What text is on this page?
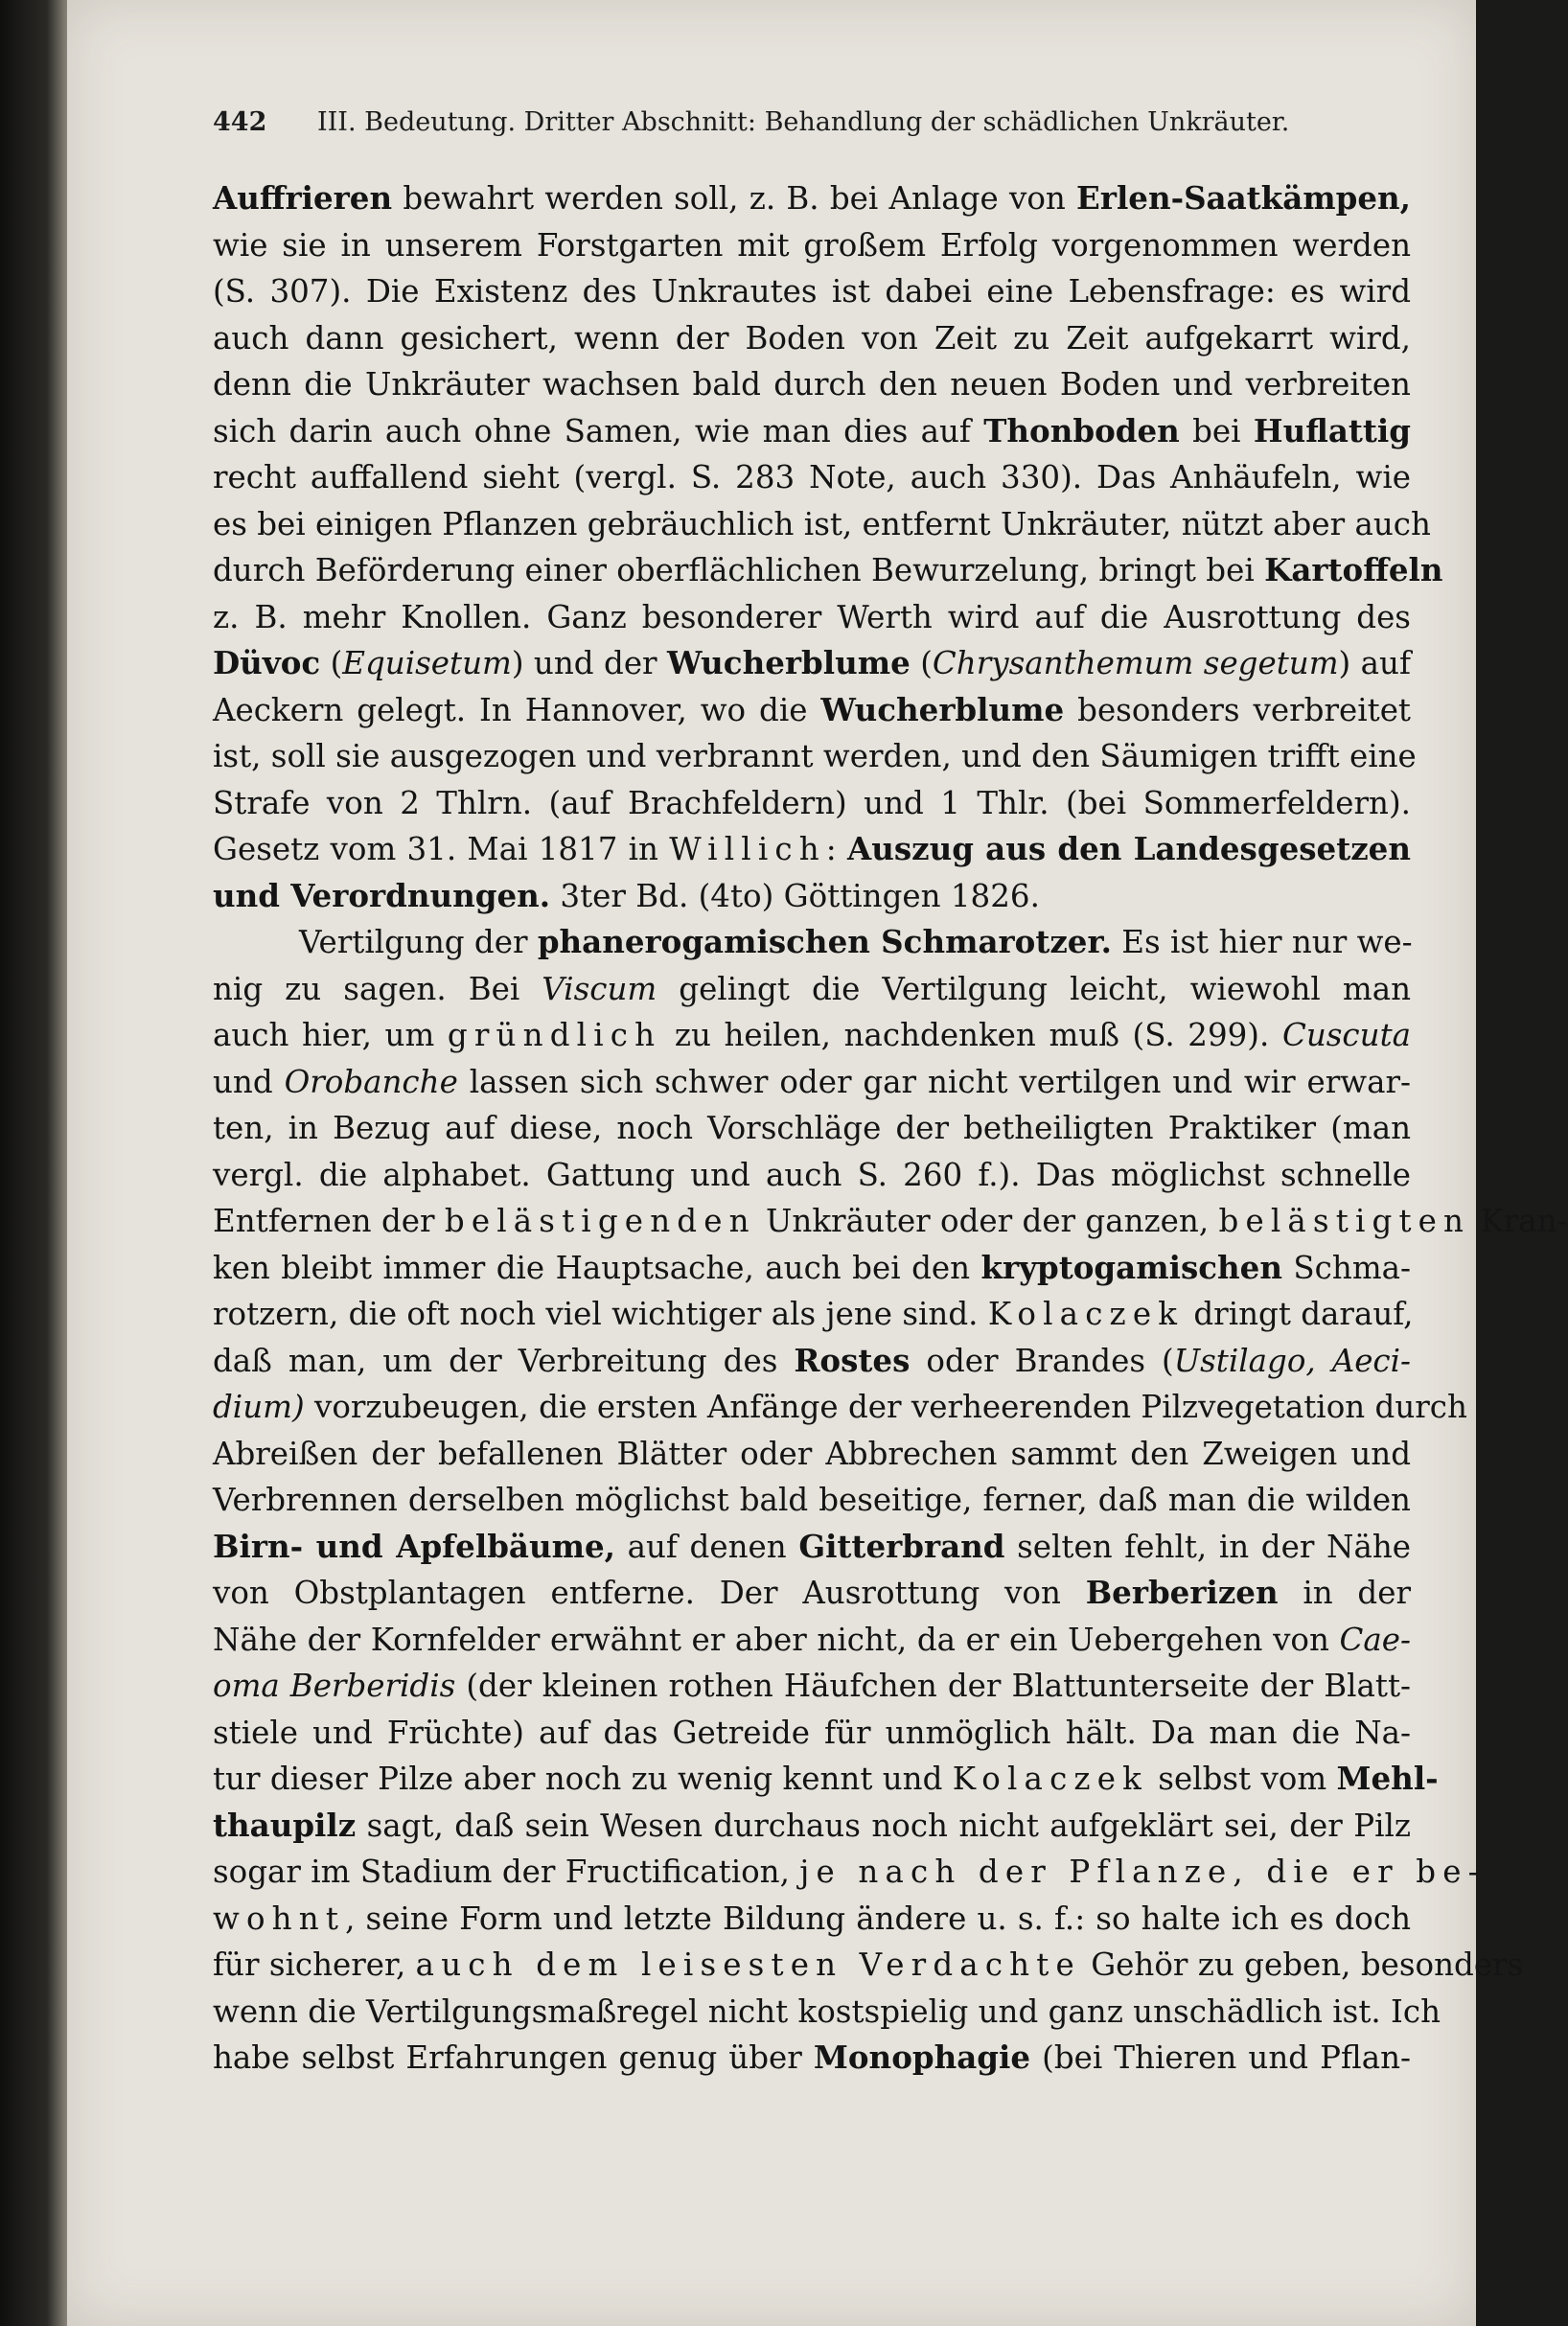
442 III. Bedeutung. Dritter Abschnitt: Behandlung der schädlichen Unkräuter.
Auffrieren bewahrt werden soll, z. B. bei Anlage von Erlen-Saatkämpen,
wie sie in unserem Forstgarten mit großem Erfolg vorgenommen werden
(S. 307). Die Existenz des Unkrautes ist dabei eine Lebensfrage: es wird
auch dann gesichert, wenn der Boden von Zeit zu Zeit aufgekarrt wird,
denn die Unkräuter wachsen bald durch den neuen Boden und verbreiten
sich darin auch ohne Samen, wie man dies auf Thonboden bei Huflattig
recht auffallend sieht (vergl. S. 283 Note, auch 330). Das Anhäufeln, wie
es bei einigen Pflanzen gebräuchlich ist, entfernt Unkräuter, nützt aber auch
durch Beförderung einer oberflächlichen Bewurzelung, bringt bei Kartoffeln
z. B. mehr Knollen. Ganz besonderer Werth wird auf die Ausrottung des
Düvoc (Equisetum) und der Wucherblume (Chrysanthemum segetum) auf
Aeckern gelegt. In Hannover, wo die Wucherblume besonders verbreitet
ist, soll sie ausgezogen und verbrannt werden, und den Säumigen trifft eine
Strafe von 2 Thlrn. (auf Brachfeldern) und 1 Thlr. (bei Sommerfeldern).
Gesetz vom 31. Mai 1817 in Willich: Auszug aus den Landesgesetzen
und Verordnungen. 3ter Bd. (4to) Göttingen 1826.
Vertilgung der phanerogamischen Schmarotzer. Es ist hier nur we-
nig zu sagen. Bei Viscum gelingt die Vertilgung leicht, wiewohl man
auch hier, um gründlich zu heilen, nachdenken muß (S. 299). Cuscuta
und Orobanche lassen sich schwer oder gar nicht vertilgen und wir erwar-
ten, in Bezug auf diese, noch Vorschläge der betheiligten Praktiker (man
vergl. die alphabet. Gattung und auch S. 260 f.). Das möglichst schnelle
Entfernen der belästigenden Unkräuter oder der ganzen, belästigten Kran-
ken bleibt immer die Hauptsache, auch bei den kryptogamischen Schma-
rotzern, die oft noch viel wichtiger als jene sind. Kolaczek dringt darauf,
daß man, um der Verbreitung des Rostes oder Brandes (Ustilago, Aeci-
dium) vorzubeugen, die ersten Anfänge der verheerenden Pilzvegetation durch
Abreißen der befallenen Blätter oder Abbrechen sammt den Zweigen und
Verbrennen derselben möglichst bald beseitige, ferner, daß man die wilden
Birn- und Apfelbäume, auf denen Gitterbrand selten fehlt, in der Nähe
von Obstplantagen entferne. Der Ausrottung von Berberizen in der
Nähe der Kornfelder erwähnt er aber nicht, da er ein Uebergehen von Cae-
oma Berberidis (der kleinen rothen Häufchen der Blattunterseite der Blatt-
stiele und Früchte) auf das Getreide für unmöglich hält. Da man die Na-
tur dieser Pilze aber noch zu wenig kennt und Kolaczek selbst vom Mehl-
thaupilz sagt, daß sein Wesen durchaus noch nicht aufgeklärt sei, der Pilz
sogar im Stadium der Fructification, je nach der Pflanze, die er be-
wohnt, seine Form und letzte Bildung ändere u. s. f.: so halte ich es doch
für sicherer, auch dem leisesten Verdachte Gehör zu geben, besonders
wenn die Vertilgungsmaßregel nicht kostspielig und ganz unschädlich ist. Ich
habe selbst Erfahrungen genug über Monophagie (bei Thieren und Pflan-
